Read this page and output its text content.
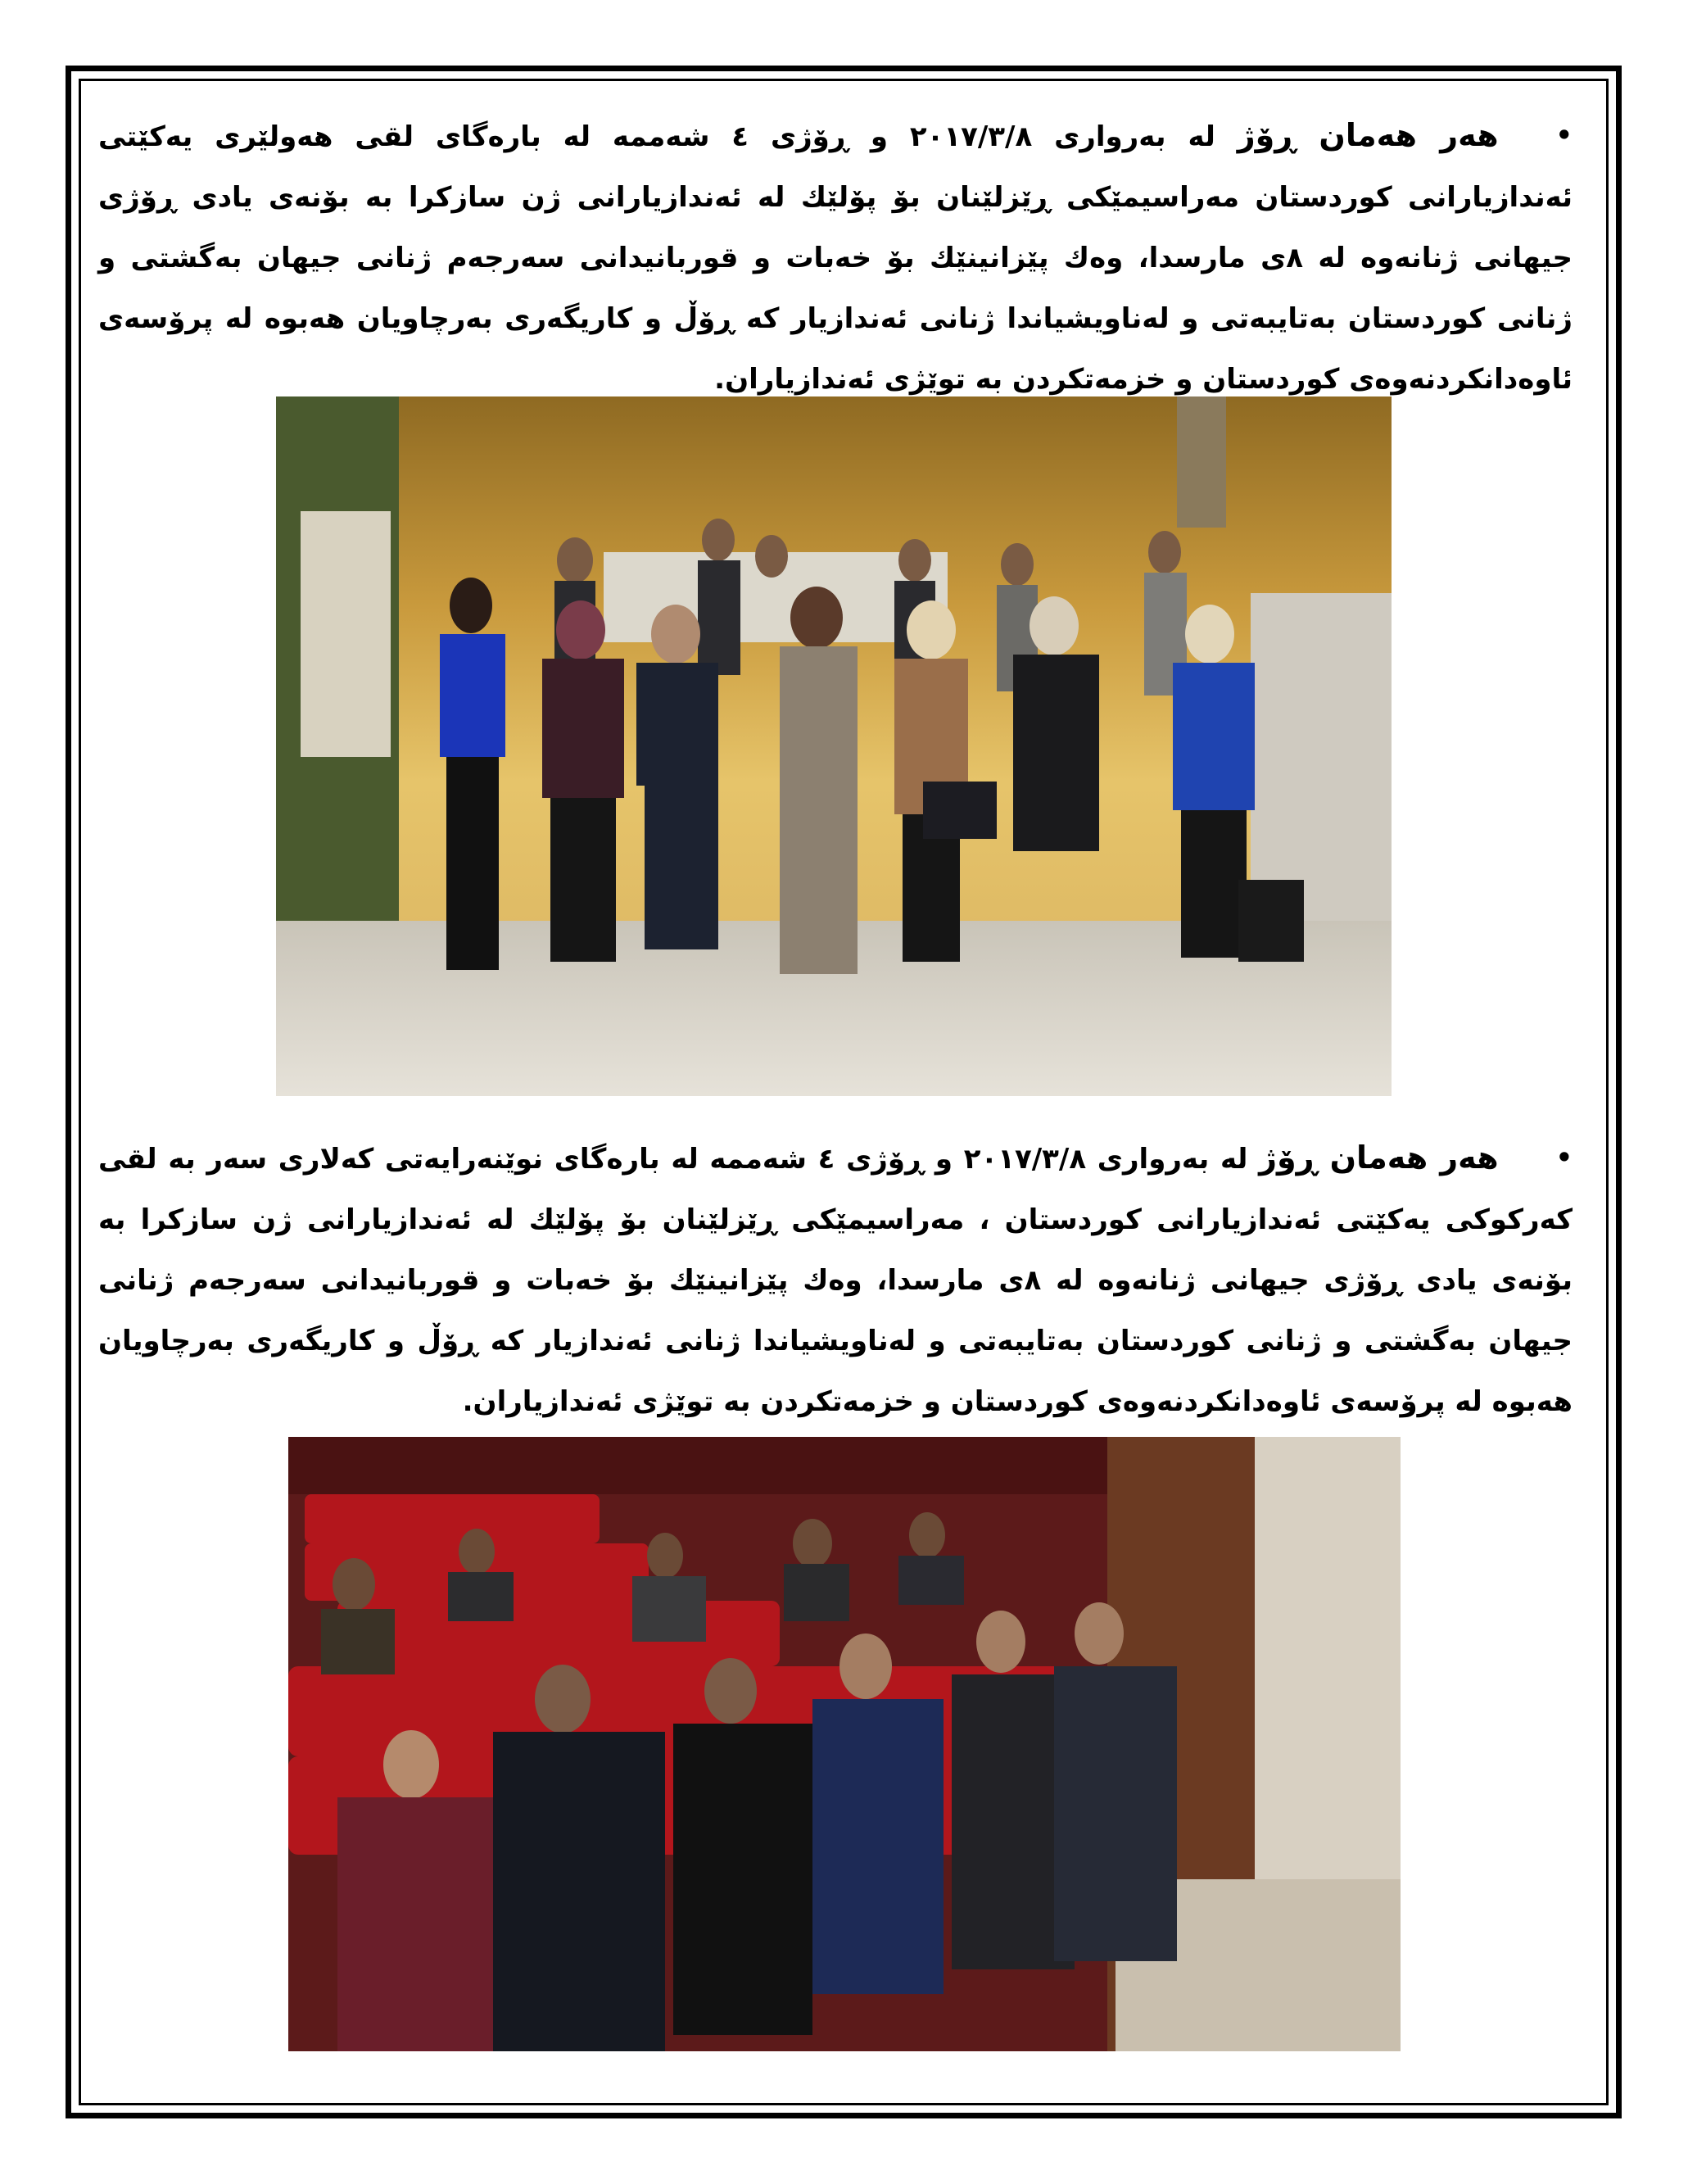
•هەر هەمان ڕۆژ لە بەرواری ٢٠١٧/٣/٨ و ڕۆژی ٤ شەممە لە بارەگای لقی هەولێری یەکێتی ئەندازیارانی کوردستان مەراسیمێکی ڕێزلێنان بۆ پۆلێك لە ئەندازیارانی ژن سازکرا بە بۆنەی یادی ڕۆژی جیهانی ژنانەوە لە ٨ی مارسدا، وەك پێزانینێك بۆ خەبات و قوربانیدانی سەرجەم ژنانی جیهان بەگشتی و ژنانی کوردستان بەتایبەتی و لەناویشیاندا ژنانی ئەندازیار کە ڕۆڵ و کاریگەری بەرچاویان هەبوە لە پرۆسەی ئاوەدانکردنەوەی کوردستان و خزمەتکردن بە توێژی ئەندازیاران.
•هەر هەمان ڕۆژ لە بەرواری ٢٠١٧/٣/٨ و ڕۆژی ٤ شەممە لە بارەگای نوێنەرایەتی کەلاری سەر بە لقی کەرکوکی یەکێتی ئەندازیارانی کوردستان ، مەراسیمێکی ڕێزلێنان بۆ پۆلێك لە ئەندازیارانی ژن سازکرا بە بۆنەی یادی ڕۆژی جیهانی ژنانەوە لە ٨ی مارسدا، وەك پێزانینێك بۆ خەبات و قوربانیدانی سەرجەم ژنانی جیهان بەگشتی و ژنانی کوردستان بەتایبەتی و لەناویشیاندا ژنانی ئەندازیار کە ڕۆڵ و کاریگەری بەرچاویان هەبوە لە پرۆسەی ئاوەدانکردنەوەی کوردستان و خزمەتکردن بە توێژی ئەندازیاران.
